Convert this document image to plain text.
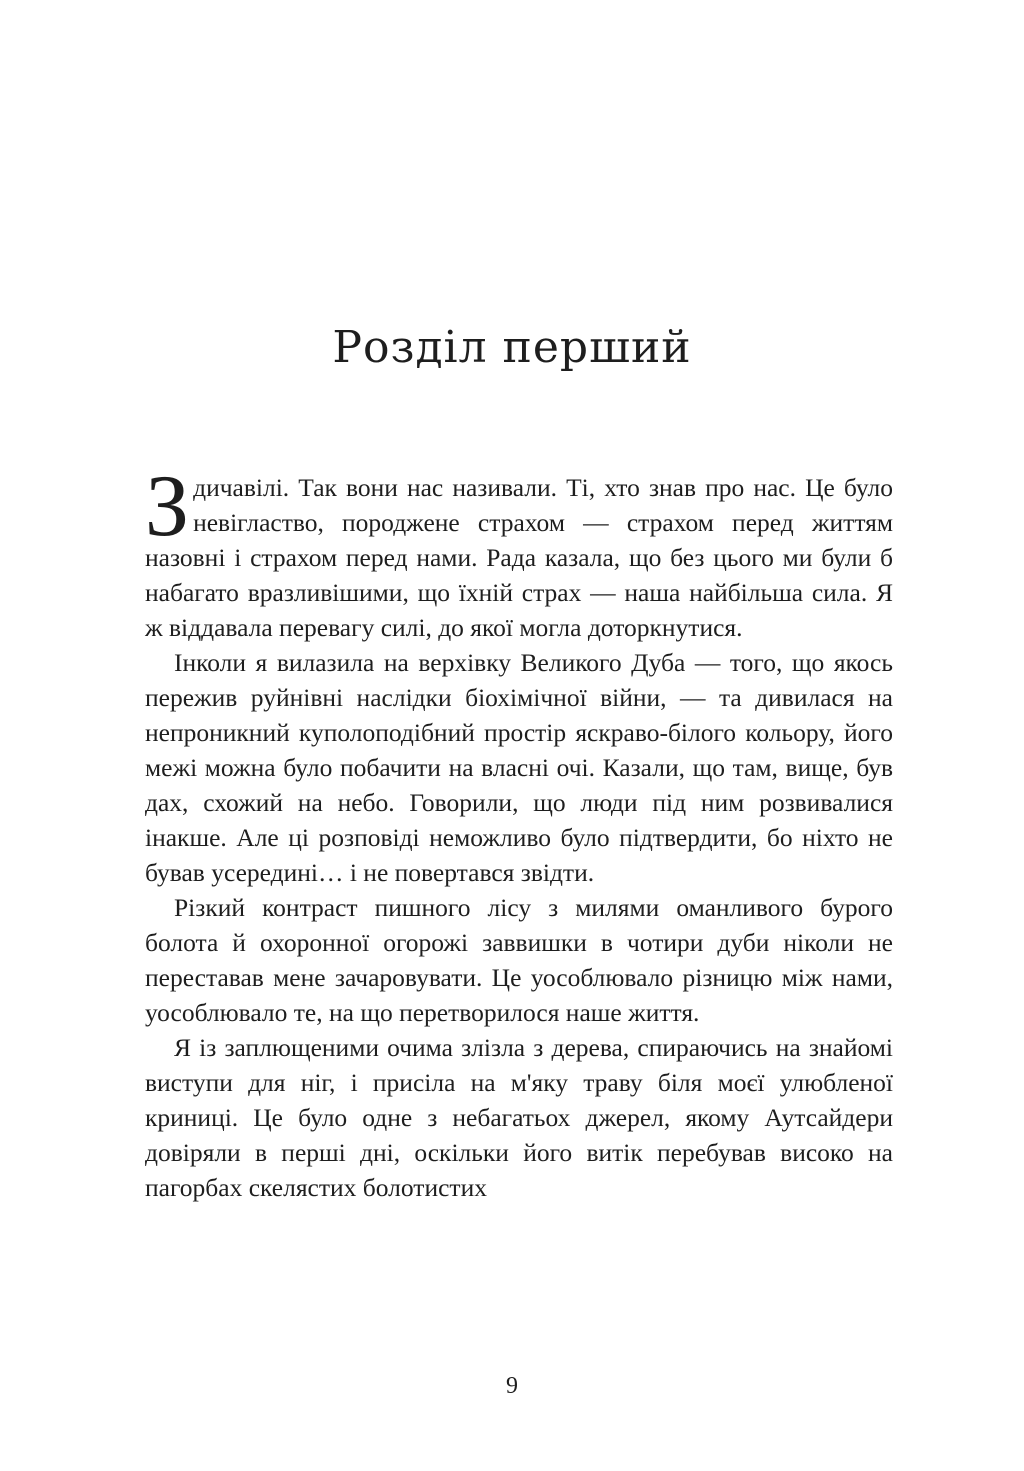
Розділ перший

Здичавілі. Так вони нас називали. Ті, хто знав про нас. Це було невігластво, породжене страхом — страхом перед життям назовні і страхом перед нами. Рада казала, що без цього ми були б набагато вразливішими, що їхній страх — наша найбільша сила. Я ж віддавала перевагу силі, до якої могла доторкнутися.

Інколи я вилазила на верхівку Великого Дуба — того, що якось пережив руйнівні наслідки біохімічної війни, — та дивилася на непроникний куполоподібний простір яскраво-білого кольору, його межі можна було побачити на власні очі. Казали, що там, вище, був дах, схожий на небо. Говорили, що люди під ним розвивалися інакше. Але ці розповіді неможливо було підтвердити, бо ніхто не бував усередині… і не повертався звідти.

Різкий контраст пишного лісу з милями оманливого бурого болота й охоронної огорожі заввишки в чотири дуби ніколи не переставав мене зачаровувати. Це уособлювало різницю між нами, уособлювало те, на що перетворилося наше життя.

Я із заплющеними очима злізла з дерева, спираючись на знайомі виступи для ніг, і присіла на м'яку траву біля моєї улюбленої криниці. Це було одне з небагатьох джерел, якому Аутсайдери довіряли в перші дні, оскільки його витік перебував високо на пагорбах скелястих болотистих

9
